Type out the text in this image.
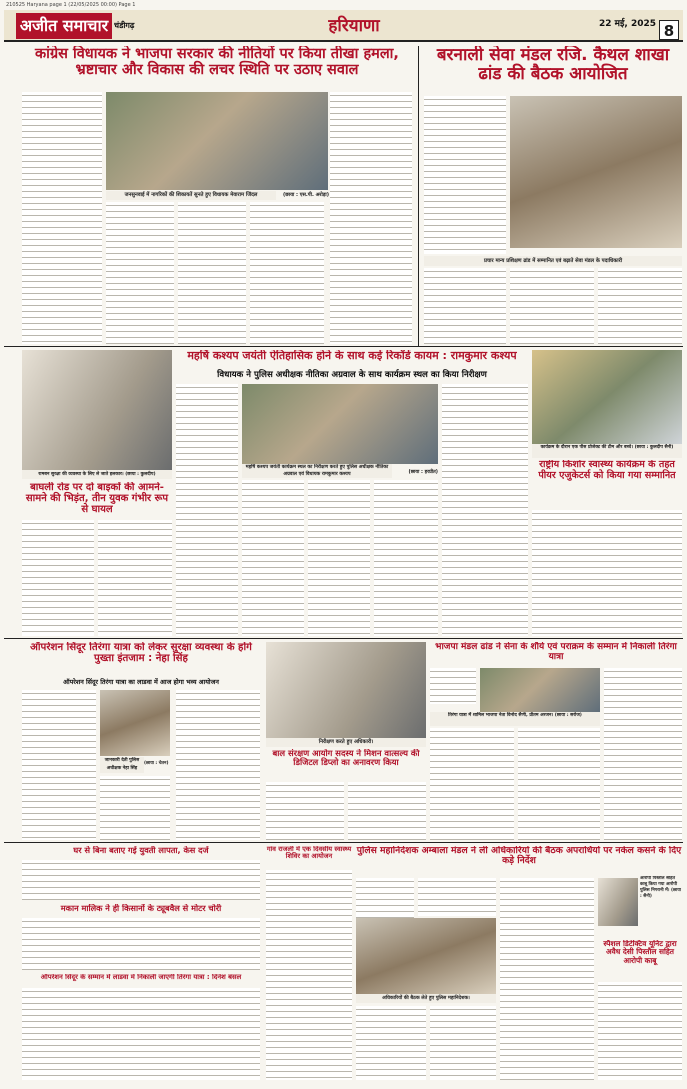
210525 Haryana page 1 (22/05/2025 00:00) Page 1
अजीत समाचार चंडीगढ़	हरियाणा	22 मई, 2025 8
कांग्रेस विधायक ने भाजपा सरकार की नीतियों पर किया तीखा हमला, भ्रष्टाचार और विकास की लचर स्थिति पर उठाए सवाल
जनसुनवाई में नागरिकों की शिकायतें सुनते हुए विधायक मेवाराम जिंदल	(छाया : एस.पी. अरोड़ा)
बरनाली सेवा मंडल रजि. कैथल शाखा ढांड की बैठक आयोजित
प्रचार मान्य प्रशिक्षण ढांड में सम्मानित एवं बढ़ाते सेवा मंडल के पदाधिकारी
रामबन सुरक्षा की व्यवस्था के लिए ले जाते हलकार। (छाया : कुलदीप)
बाघली रोड पर दो बाइकों की आमने-सामने की भिड़ंत, तीन युवक गंभीर रूप से घायल
महर्षि कश्यप जयंती ऐतिहासिक होने के साथ कई रिकॉर्ड कायम : रामकुमार कश्यप
विधायक ने पुलिस अधीक्षक नीतिका अग्रवाल के साथ कार्यक्रम स्थल का किया निरीक्षण
महर्षि कश्यप जयंती कार्यक्रम स्थल का निरीक्षण करते हुए पुलिस अधीक्षक नीतिका अग्रवाल एवं विधायक रामकुमार कश्यप	(छाया : हरप्रीत)
कार्यक्रम के दौरान एक पीस प्रोजेक्ट की टीम और बच्चे। (छाया : कुलदीप सैनी)
राष्ट्रीय किशोर स्वास्थ्य कार्यक्रम के तहत पीयर एजुकेटर्स को किया गया सम्मानित
ऑपरेशन सिंदूर तिरंगा यात्रा को लेकर सुरक्षा व्यवस्था के होंगे पुख्ता इंतजाम : नेहा सिंह
ऑपरेशन सिंदूर तिरंगा यात्रा का लाडवा में आज होगा भव्य आयोजन
जानकारी देती पुलिस अधीक्षक नेहा सिंह
(छाया : चेतन)
निरीक्षण करते हुए अधिकारी।
बाल संरक्षण आयोग सदस्य ने मिशन वात्सल्य की डिजिटल डिप्लो का अनावरण किया
भाजपा मंडल ढांड ने सेना के शौर्य एवं पराक्रम के सम्मान में निकाली तिरंगा यात्रा
तिरंगा यात्रा में शामिल भाजपा नेता विनोद सैणी, प्रीतम अरजन। (छाया : सरोज)
घर से बिना बताए गई युवती लापता, केस दर्ज
मकान मालिक ने ही किसानों के ट्यूबवैल से मोटर चोरी
ऑपरेशन सिंदूर के सम्मान में लाडवा में निकाली जाएगी तिरंगा यात्रा : दिनेश बंसल
गांव राजली में एक दिवसीय स्वास्थ्य शिविर का आयोजन
पुलिस महानिदेशक अम्बाला मंडल ने ली अधिकारियों की बैठक अपराधियों पर नकेल कसने के दिए कड़े निर्देश
अधिकारियों की बैठक लेते हुए पुलिस महानिदेशक।
आरोपी पिस्तौल सहित काबू किया गया आरोपी पुलिस निगरानी में। (छाया : सैनी)
स्पैशल डिटेक्टिव यूनिट द्वारा अवैध देसी पिस्तौल सहित आरोपी काबू
